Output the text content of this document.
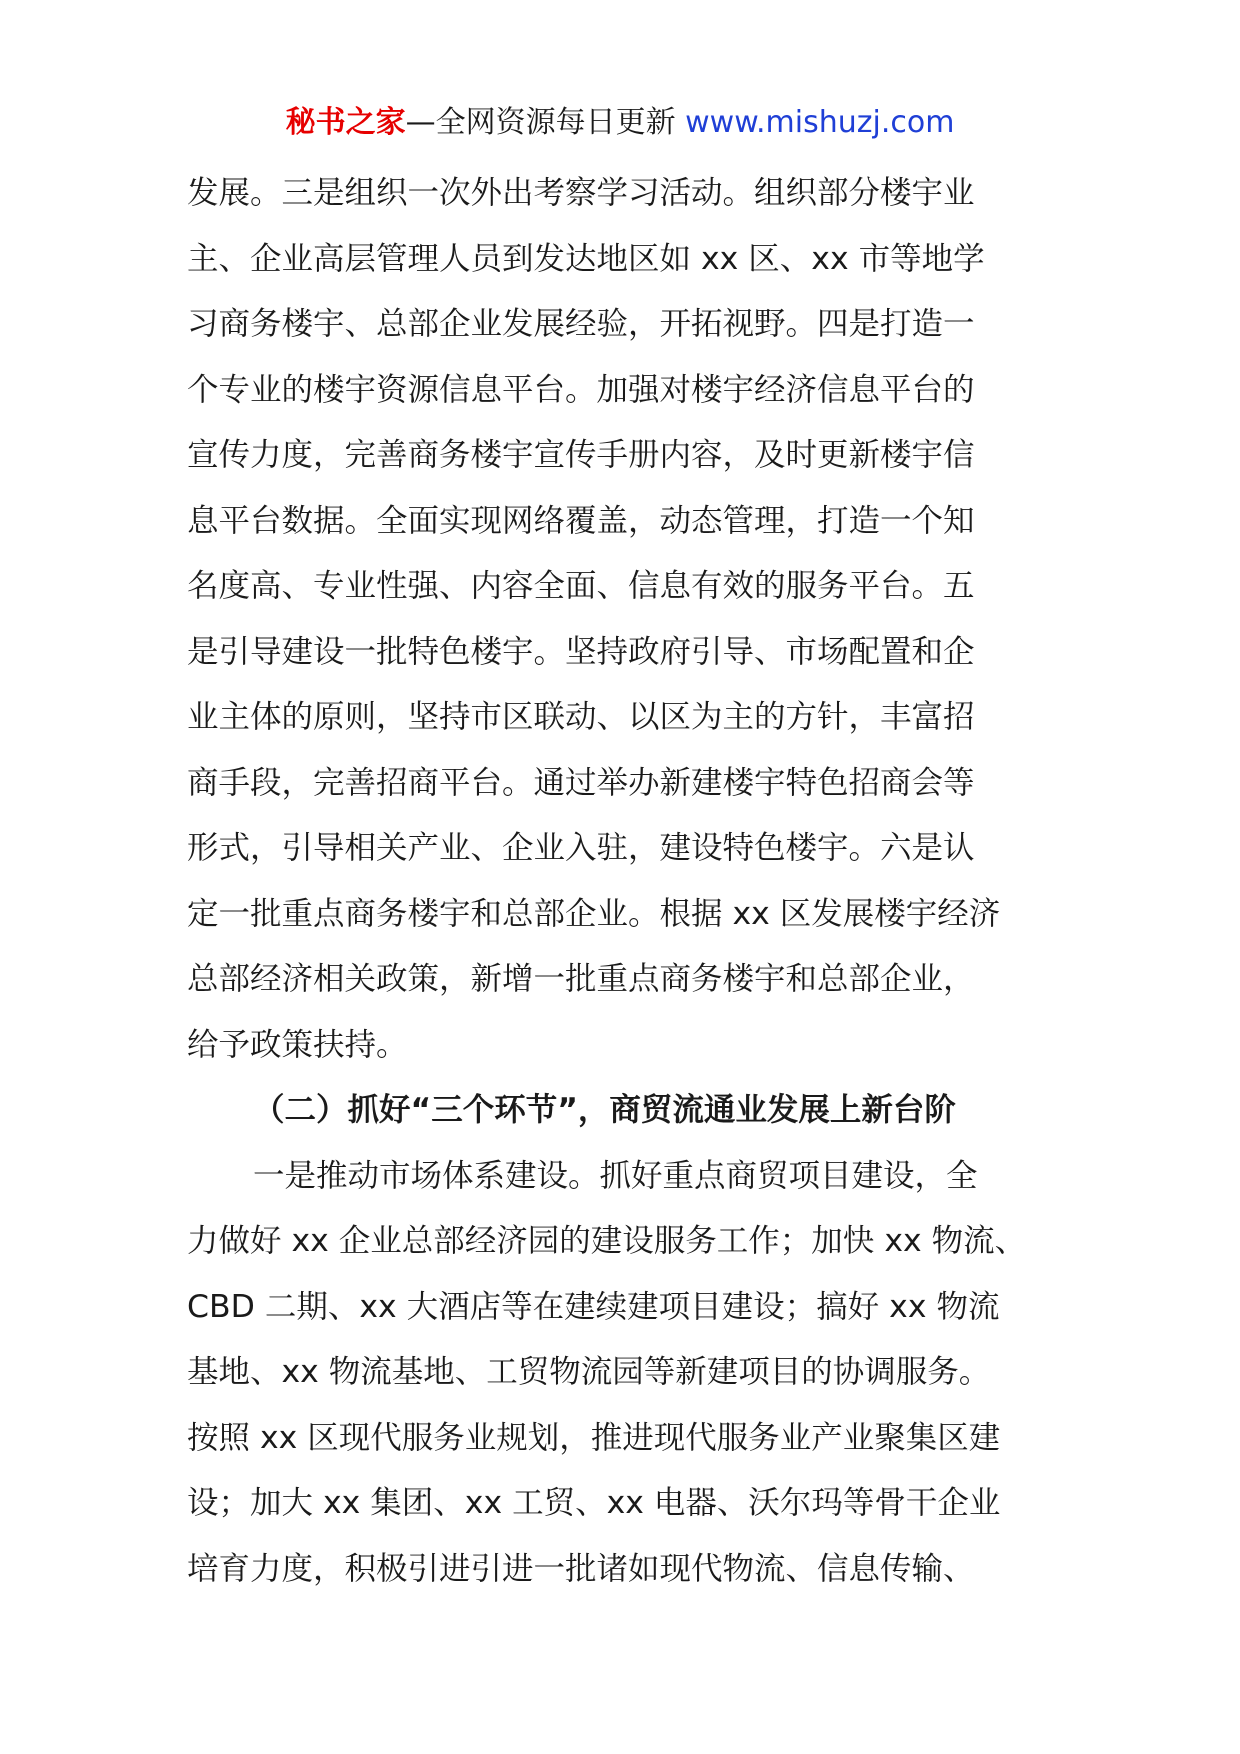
秘书之家—全网资源每日更新 www.mishuzj.com
发展。三是组织一次外出考察学习活动。组织部分楼宇业
主、企业高层管理人员到发达地区如 xx 区、xx 市等地学
习商务楼宇、总部企业发展经验，开拓视野。四是打造一
个专业的楼宇资源信息平台。加强对楼宇经济信息平台的
宣传力度，完善商务楼宇宣传手册内容，及时更新楼宇信
息平台数据。全面实现网络覆盖，动态管理，打造一个知
名度高、专业性强、内容全面、信息有效的服务平台。五
是引导建设一批特色楼宇。坚持政府引导、市场配置和企
业主体的原则，坚持市区联动、以区为主的方针，丰富招
商手段，完善招商平台。通过举办新建楼宇特色招商会等
形式，引导相关产业、企业入驻，建设特色楼宇。六是认
定一批重点商务楼宇和总部企业。根据 xx 区发展楼宇经济
总部经济相关政策，新增一批重点商务楼宇和总部企业，
给予政策扶持。
（二）抓好“三个环节”，商贸流通业发展上新台阶
一是推动市场体系建设。抓好重点商贸项目建设，全
力做好 xx 企业总部经济园的建设服务工作；加快 xx 物流、
CBD 二期、xx 大酒店等在建续建项目建设；搞好 xx 物流
基地、xx 物流基地、工贸物流园等新建项目的协调服务。
按照 xx 区现代服务业规划，推进现代服务业产业聚集区建
设；加大 xx 集团、xx 工贸、xx 电器、沃尔玛等骨干企业
培育力度，积极引进引进一批诸如现代物流、信息传输、
